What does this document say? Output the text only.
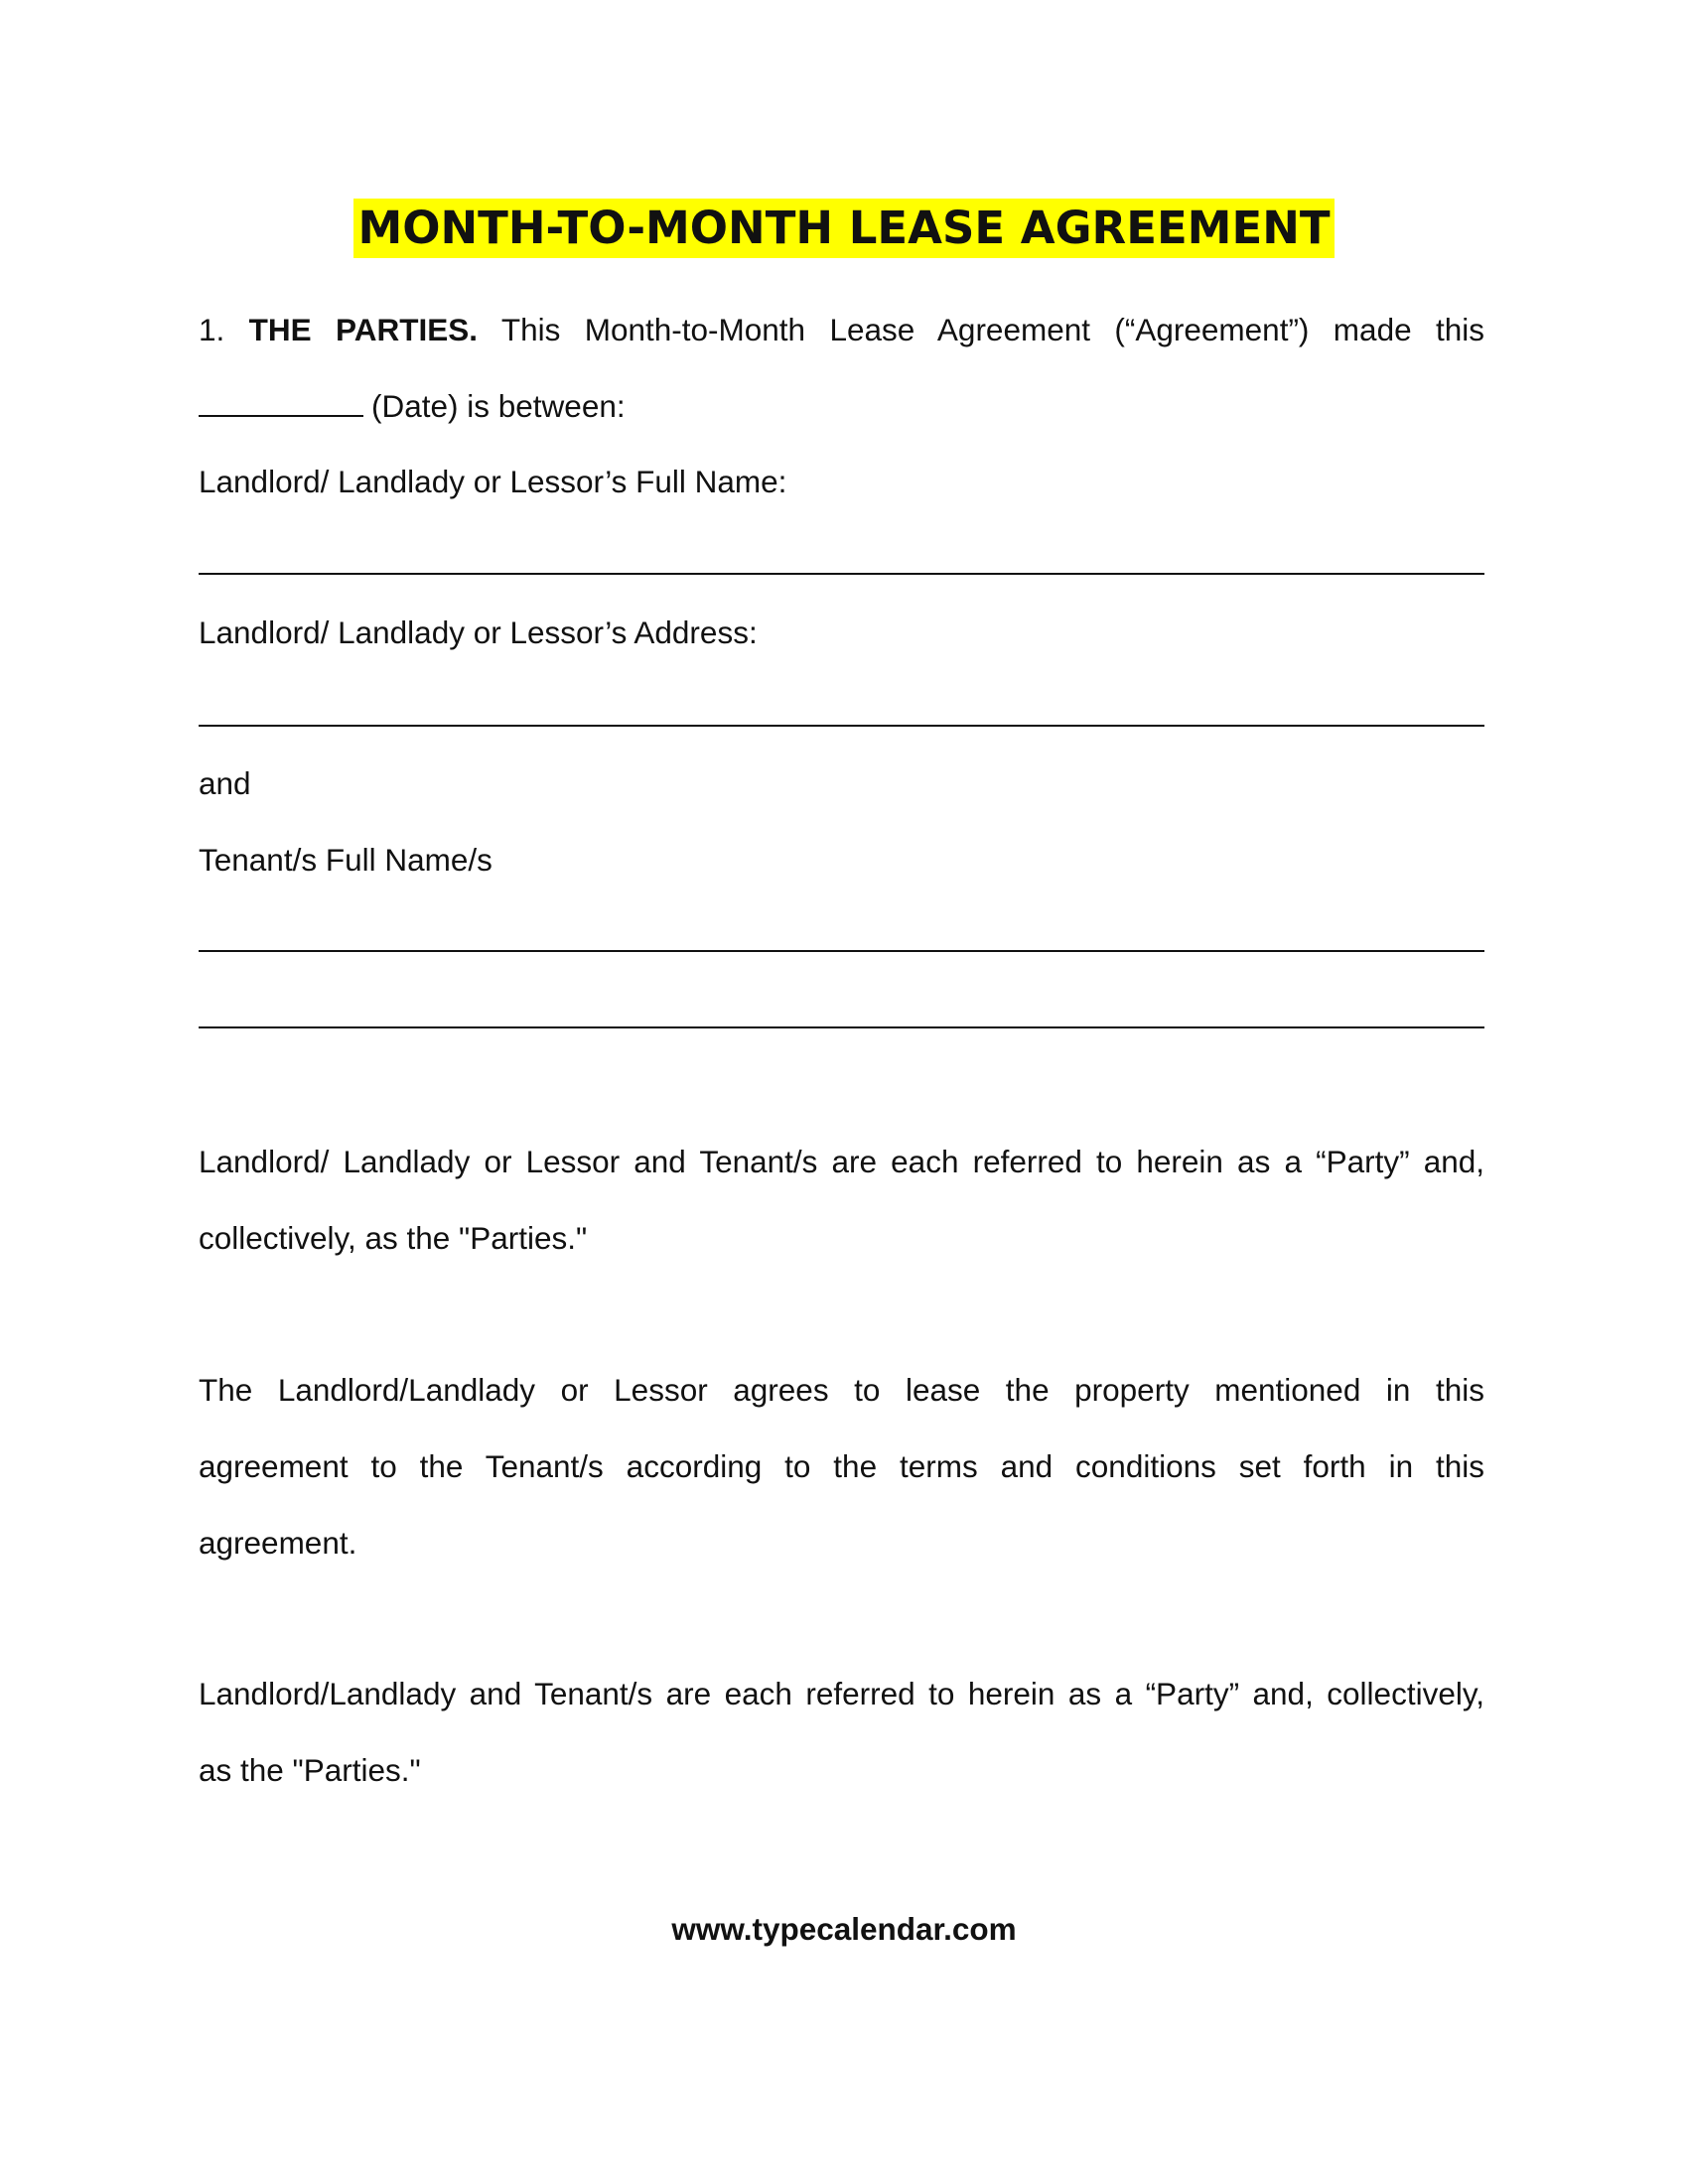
MONTH-TO-MONTH LEASE AGREEMENT
1. THE PARTIES. This Month-to-Month Lease Agreement (“Agreement”) made this
(Date) is between:
Landlord/ Landlady or Lessor’s Full Name:
Landlord/ Landlady or Lessor’s Address:
and
Tenant/s Full Name/s
Landlord/ Landlady or Lessor and Tenant/s are each referred to herein as a “Party” and,
collectively, as the "Parties."
The Landlord/Landlady or Lessor agrees to lease the property mentioned in this
agreement to the Tenant/s according to the terms and conditions set forth in this
agreement.
Landlord/Landlady and Tenant/s are each referred to herein as a “Party” and, collectively,
as the "Parties."
www.typecalendar.com
